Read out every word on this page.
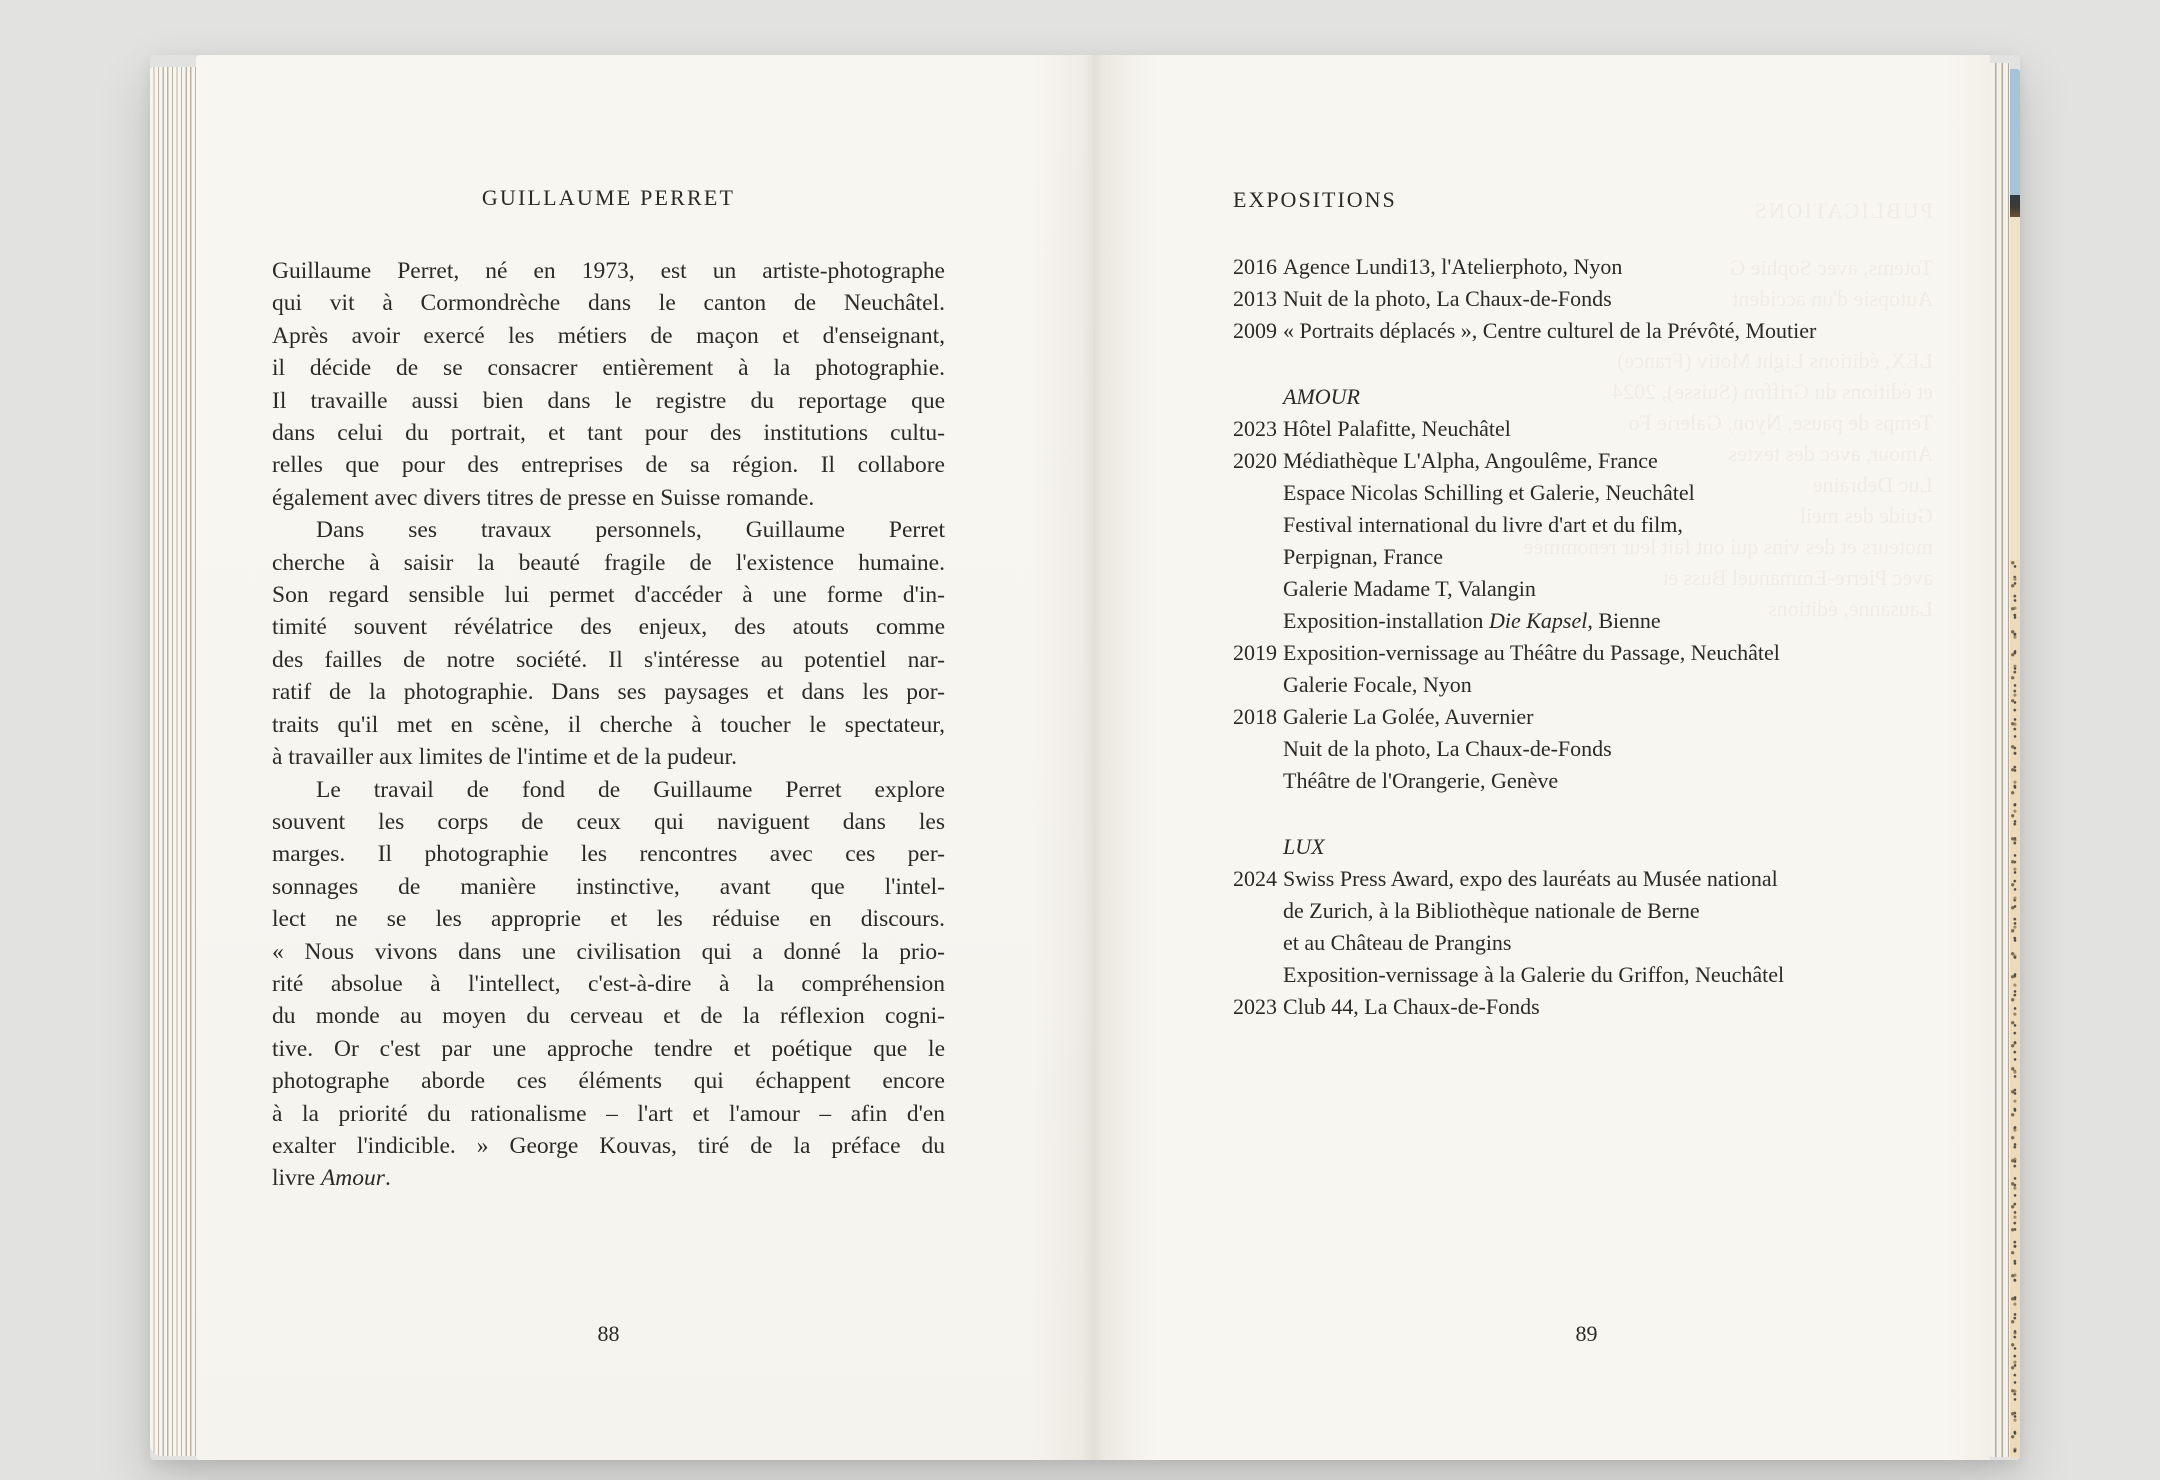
GUILLAUME PERRET
Guillaume Perret, né en 1973, est un artiste-photographe
qui vit à Cormondrèche dans le canton de Neuchâtel.
Après avoir exercé les métiers de maçon et d'enseignant,
il décide de se consacrer entièrement à la photographie.
Il travaille aussi bien dans le registre du reportage que
dans celui du portrait, et tant pour des institutions cultu-
relles que pour des entreprises de sa région. Il collabore
également avec divers titres de presse en Suisse romande.
Dans ses travaux personnels, Guillaume Perret
cherche à saisir la beauté fragile de l'existence humaine.
Son regard sensible lui permet d'accéder à une forme d'in-
timité souvent révélatrice des enjeux, des atouts comme
des failles de notre société. Il s'intéresse au potentiel nar-
ratif de la photographie. Dans ses paysages et dans les por-
traits qu'il met en scène, il cherche à toucher le spectateur,
à travailler aux limites de l'intime et de la pudeur.
Le travail de fond de Guillaume Perret explore
souvent les corps de ceux qui naviguent dans les
marges. Il photographie les rencontres avec ces per-
sonnages de manière instinctive, avant que l'intel-
lect ne se les approprie et les réduise en discours.
« Nous vivons dans une civilisation qui a donné la prio-
rité absolue à l'intellect, c'est-à-dire à la compréhension
du monde au moyen du cerveau et de la réflexion cogni-
tive. Or c'est par une approche tendre et poétique que le
photographe aborde ces éléments qui échappent encore
à la priorité du rationalisme – l'art et l'amour – afin d'en
exalter l'indicible. » George Kouvas, tiré de la préface du
livre Amour.
88
PUBLICATIONS
Totems, avec Sophie G
Autopsie d'un accident

LEX, éditions Light Motiv (France)
et éditions du Griffon (Suisse), 2024
Temps de pause, Nyon, Galerie Fo
Amour, avec des textes
Luc Debraine
Guide des meil
moteurs et des vins qui ont fait leur renommée
avec Pierre-Emmanuel Buss et
Lausanne, éditions
EXPOSITIONS
2016 Agence Lundi13, l'Atelierphoto, Nyon
2013 Nuit de la photo, La Chaux-de-Fonds
2009 « Portraits déplacés », Centre culturel de la Prévôté, Moutier
AMOUR
2023 Hôtel Palafitte, Neuchâtel
2020 Médiathèque L'Alpha, Angoulême, France

Espace Nicolas Schilling et Galerie, Neuchâtel

Festival international du livre d'art et du film,

Perpignan, France

Galerie Madame T, Valangin

Exposition-installation Die Kapsel, Bienne
2019 Exposition-vernissage au Théâtre du Passage, Neuchâtel

Galerie Focale, Nyon
2018 Galerie La Golée, Auvernier

Nuit de la photo, La Chaux-de-Fonds

Théâtre de l'Orangerie, Genève
LUX
2024 Swiss Press Award, expo des lauréats au Musée national

de Zurich, à la Bibliothèque nationale de Berne

et au Château de Prangins

Exposition-vernissage à la Galerie du Griffon, Neuchâtel
2023 Club 44, La Chaux-de-Fonds
89
